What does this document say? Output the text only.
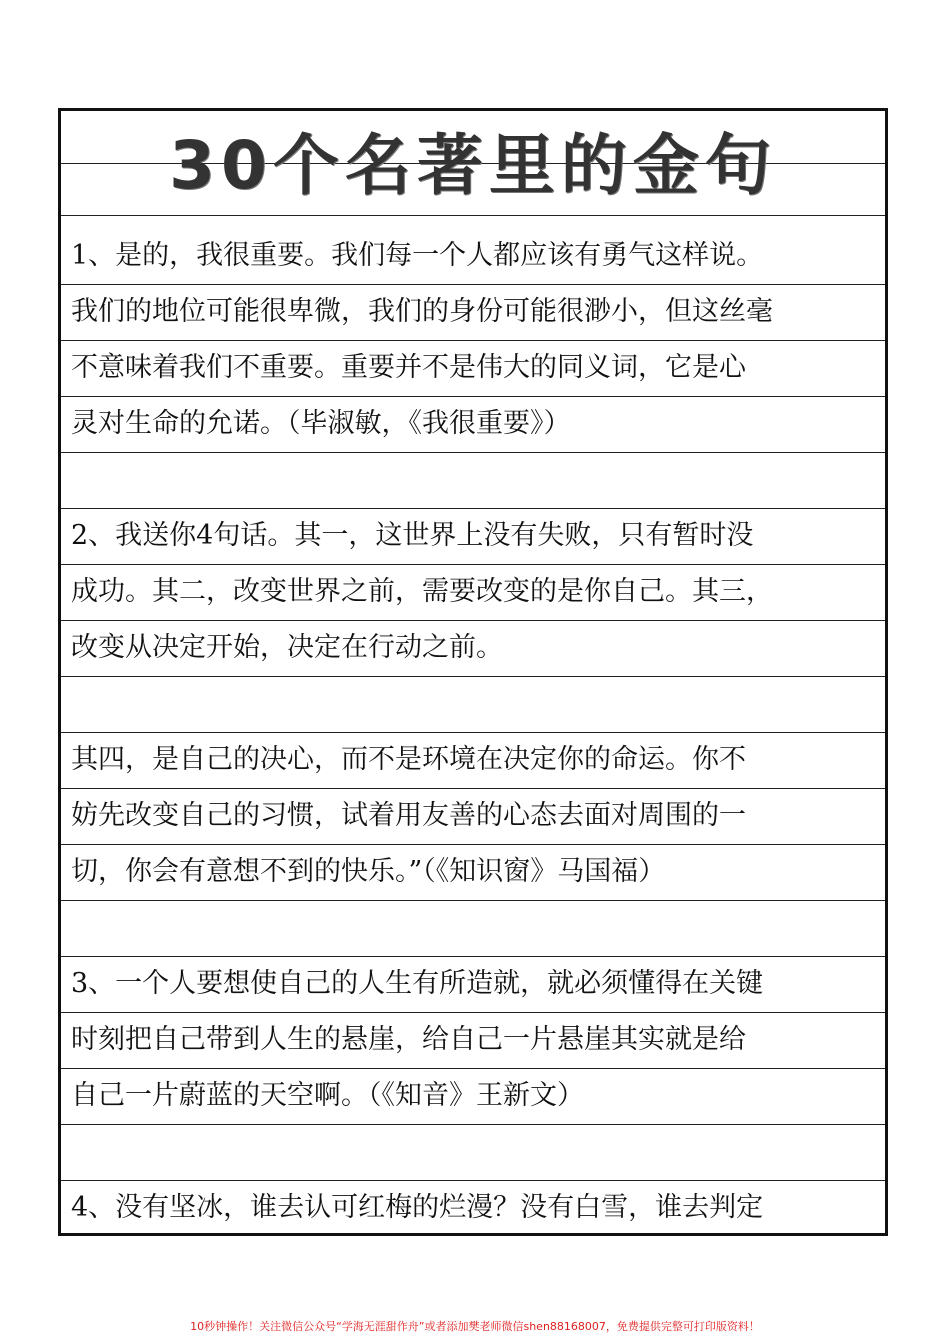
30个名著里的金句
1、是的，我很重要。我们每一个人都应该有勇气这样说。
我们的地位可能很卑微，我们的身份可能很渺小，但这丝毫
不意味着我们不重要。重要并不是伟大的同义词，它是心
灵对生命的允诺。（毕淑敏，《我很重要》）
2、我送你4句话。其一，这世界上没有失败，只有暂时没
成功。其二，改变世界之前，需要改变的是你自己。其三，
改变从决定开始，决定在行动之前。
其四，是自己的决心，而不是环境在决定你的命运。你不
妨先改变自己的习惯，试着用友善的心态去面对周围的一
切，你会有意想不到的快乐。”（《知识窗》马国福）
3、一个人要想使自己的人生有所造就，就必须懂得在关键
时刻把自己带到人生的悬崖，给自己一片悬崖其实就是给
自己一片蔚蓝的天空啊。（《知音》王新文）
4、没有坚冰，谁去认可红梅的烂漫？没有白雪，谁去判定
10秒钟操作！关注微信公众号“学海无涯甜作舟”或者添加樊老师微信shen88168007，免费提供完整可打印版资料！
